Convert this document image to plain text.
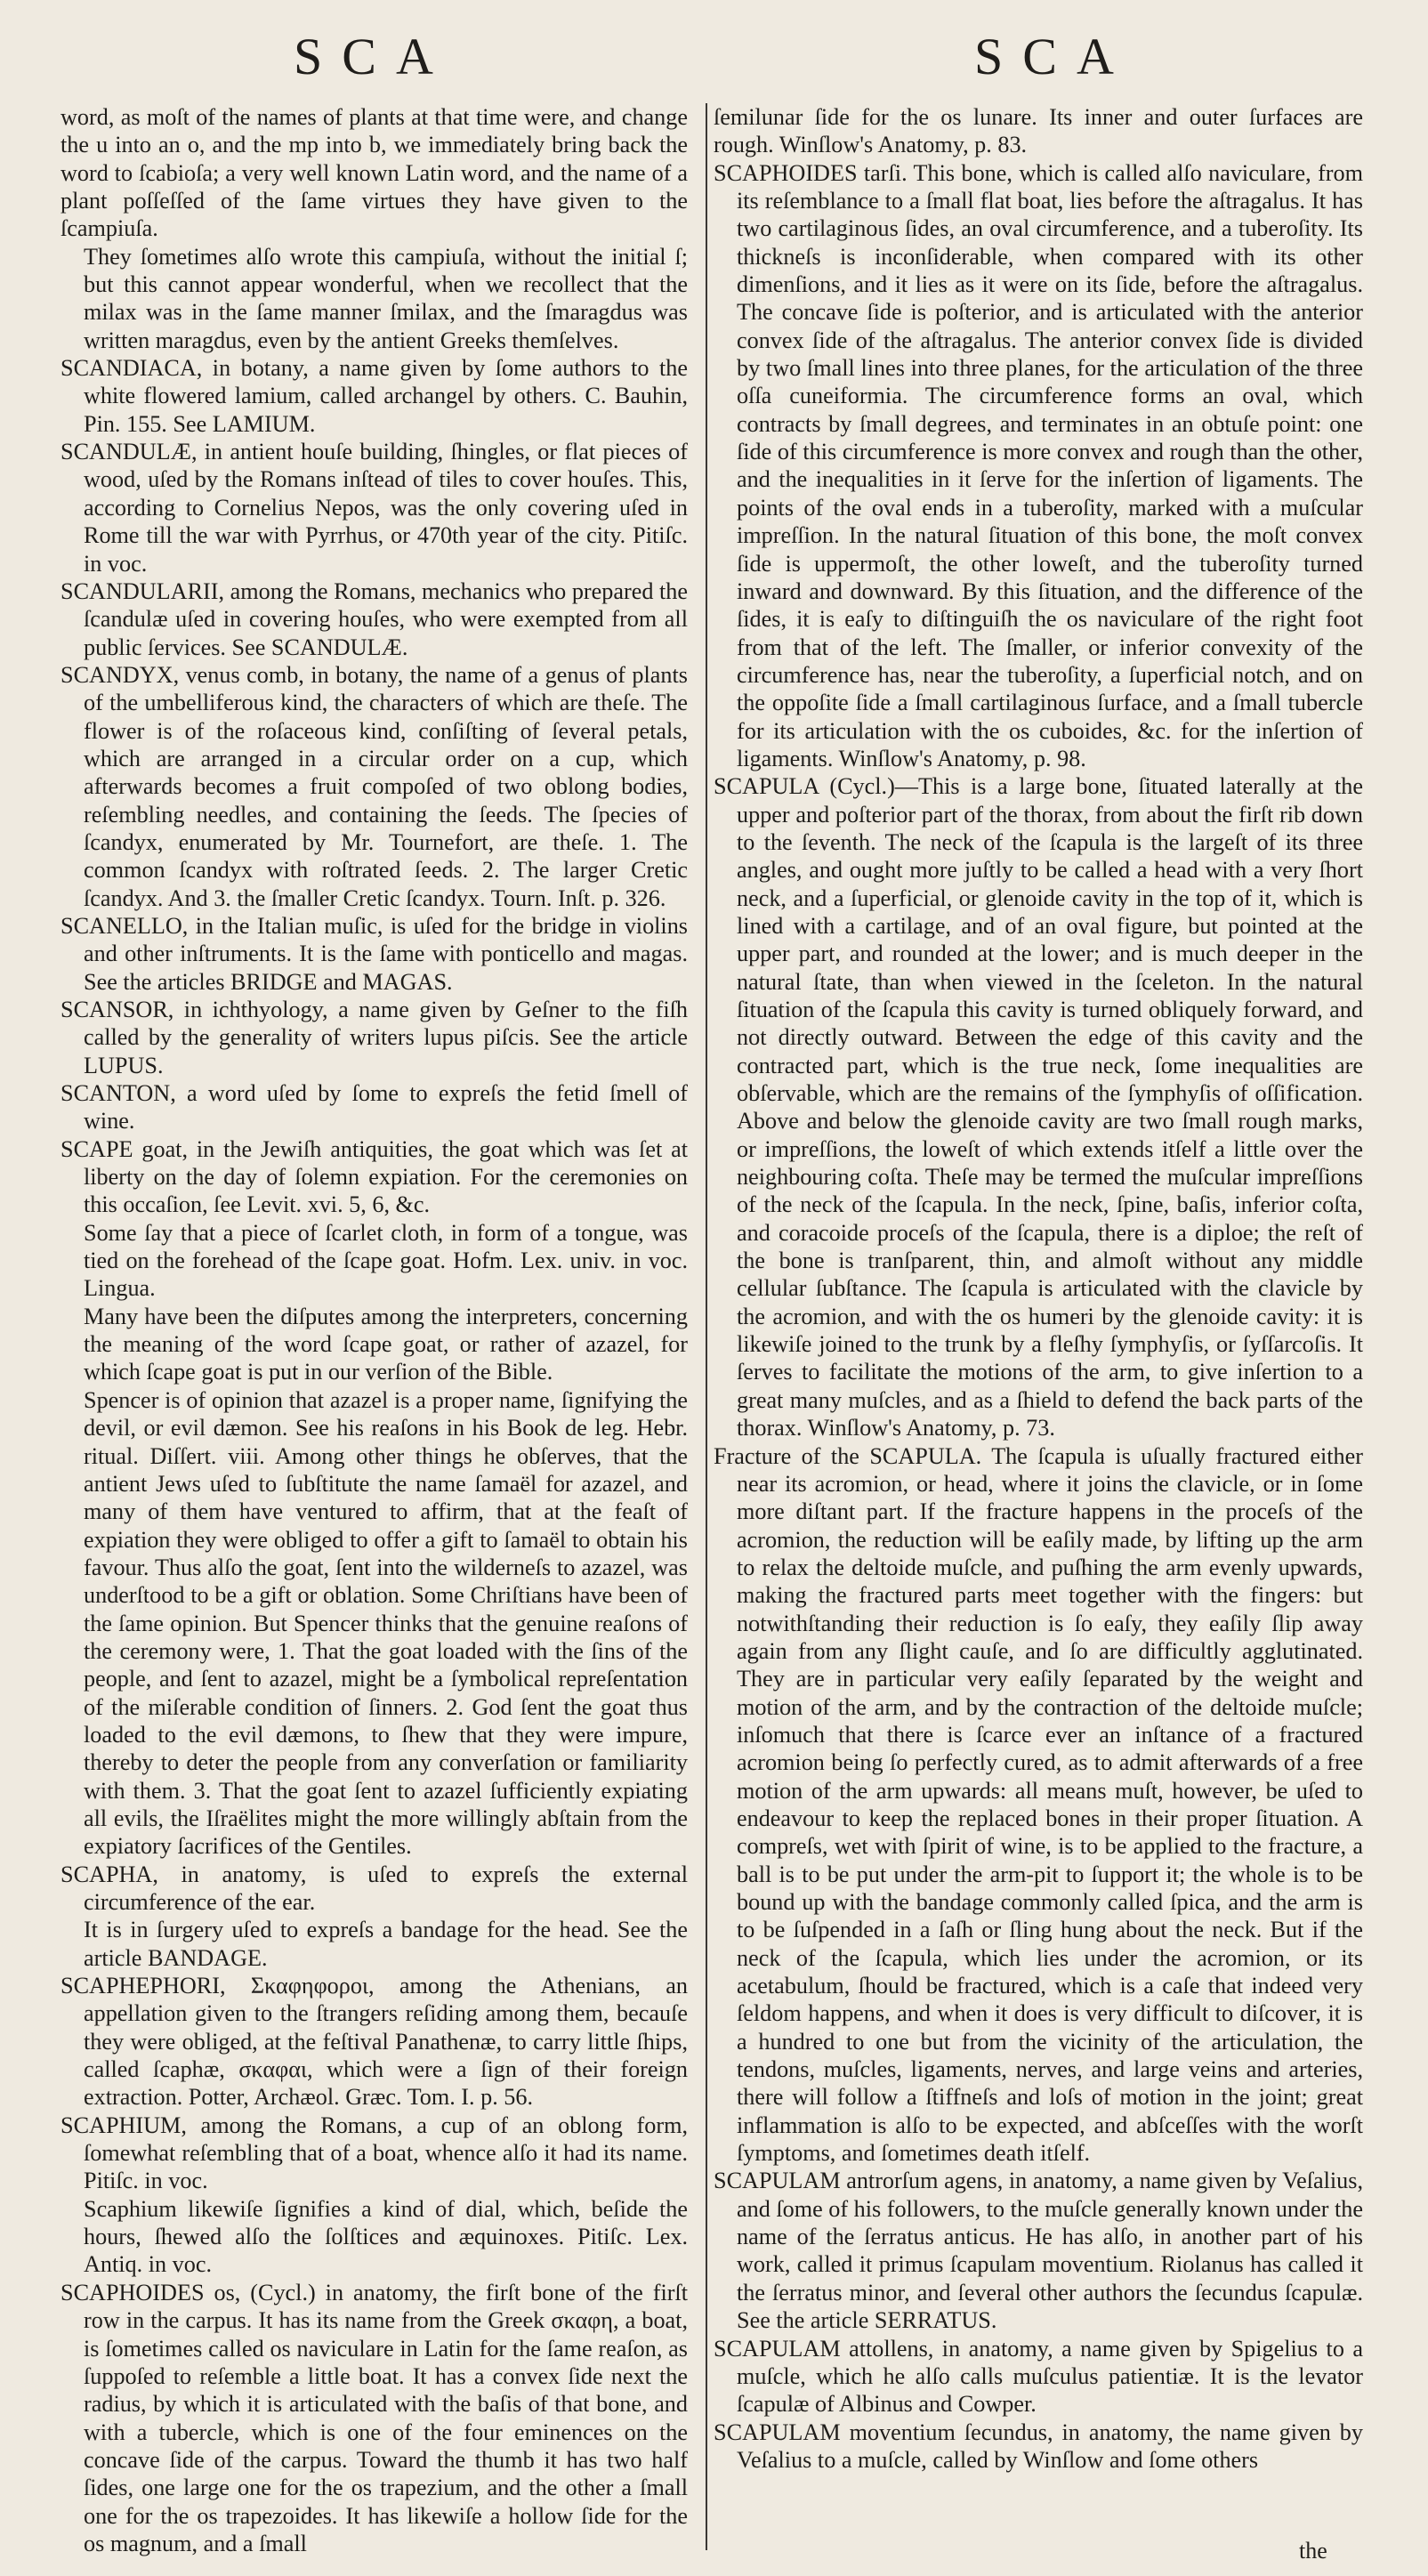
SCA	SCA

word, as moſt of the names of plants at that time were, and change the u into an o, and the mp into b, we immediately bring back the word to ſcabioſa; a very well known Latin word, and the name of a plant poſſeſſed of the ſame virtues they have given to the ſcampiuſa.

They ſometimes alſo wrote this campiuſa, without the initial ſ; but this cannot appear wonderful, when we recollect that the milax was in the ſame manner ſmilax, and the ſmaragdus was written maragdus, even by the antient Greeks themſelves.

SCANDIACA, in botany, a name given by ſome authors to the white flowered lamium, called archangel by others. C. Bauhin, Pin. 155. See LAMIUM.

SCANDULÆ, in antient houſe building, ſhingles, or flat pieces of wood, uſed by the Romans inſtead of tiles to cover houſes. This, according to Cornelius Nepos, was the only covering uſed in Rome till the war with Pyrrhus, or 470th year of the city. Pitiſc. in voc.

SCANDULARII, among the Romans, mechanics who prepared the ſcandulæ uſed in covering houſes, who were exempted from all public ſervices. See SCANDULÆ.

SCANDYX, venus comb, in botany, the name of a genus of plants of the umbelliferous kind, the characters of which are theſe. The flower is of the roſaceous kind, conſiſting of ſeveral petals, which are arranged in a circular order on a cup, which afterwards becomes a fruit compoſed of two oblong bodies, reſembling needles, and containing the ſeeds. The ſpecies of ſcandyx, enumerated by Mr. Tournefort, are theſe. 1. The common ſcandyx with roſtrated ſeeds. 2. The larger Cretic ſcandyx. And 3. the ſmaller Cretic ſcandyx. Tourn. Inſt. p. 326.

SCANELLO, in the Italian muſic, is uſed for the bridge in violins and other inſtruments. It is the ſame with ponticello and magas. See the articles BRIDGE and MAGAS.

SCANSOR, in ichthyology, a name given by Geſner to the fiſh called by the generality of writers lupus piſcis. See the article LUPUS.

SCANTON, a word uſed by ſome to expreſs the fetid ſmell of wine.

SCAPE goat, in the Jewiſh antiquities, the goat which was ſet at liberty on the day of ſolemn expiation. For the ceremonies on this occaſion, ſee Levit. xvi. 5, 6, &c.

Some ſay that a piece of ſcarlet cloth, in form of a tongue, was tied on the forehead of the ſcape goat. Hofm. Lex. univ. in voc. Lingua.

Many have been the diſputes among the interpreters, concerning the meaning of the word ſcape goat, or rather of azazel, for which ſcape goat is put in our verſion of the Bible.

Spencer is of opinion that azazel is a proper name, ſignifying the devil, or evil dæmon. See his reaſons in his Book de leg. Hebr. ritual. Diſſert. viii. Among other things he obſerves, that the antient Jews uſed to ſubſtitute the name ſamaël for azazel, and many of them have ventured to affirm, that at the feaſt of expiation they were obliged to offer a gift to ſamaël to obtain his favour. Thus alſo the goat, ſent into the wilderneſs to azazel, was underſtood to be a gift or oblation. Some Chriſtians have been of the ſame opinion. But Spencer thinks that the genuine reaſons of the ceremony were, 1. That the goat loaded with the ſins of the people, and ſent to azazel, might be a ſymbolical repreſentation of the miſerable condition of ſinners. 2. God ſent the goat thus loaded to the evil dæmons, to ſhew that they were impure, thereby to deter the people from any converſation or familiarity with them. 3. That the goat ſent to azazel ſufficiently expiating all evils, the Iſraëlites might the more willingly abſtain from the expiatory ſacrifices of the Gentiles.

SCAPHA, in anatomy, is uſed to expreſs the external circumference of the ear.

It is in ſurgery uſed to expreſs a bandage for the head. See the article BANDAGE.

SCAPHEPHORI, Σκαφηφοροι, among the Athenians, an appellation given to the ſtrangers reſiding among them, becauſe they were obliged, at the feſtival Panathenæ, to carry little ſhips, called ſcaphæ, σκαφαι, which were a ſign of their foreign extraction. Potter, Archæol. Græc. Tom. I. p. 56.

SCAPHIUM, among the Romans, a cup of an oblong form, ſomewhat reſembling that of a boat, whence alſo it had its name. Pitiſc. in voc.

Scaphium likewiſe ſignifies a kind of dial, which, beſide the hours, ſhewed alſo the ſolſtices and æquinoxes. Pitiſc. Lex. Antiq. in voc.

SCAPHOIDES os, (Cycl.) in anatomy, the firſt bone of the firſt row in the carpus. It has its name from the Greek σκαφη, a boat, is ſometimes called os naviculare in Latin for the ſame reaſon, as ſuppoſed to reſemble a little boat. It has a convex ſide next the radius, by which it is articulated with the baſis of that bone, and with a tubercle, which is one of the four eminences on the concave ſide of the carpus. Toward the thumb it has two half ſides, one large one for the os trapezium, and the other a ſmall one for the os trapezoides. It has likewiſe a hollow ſide for the os magnum, and a ſmall

ſemilunar ſide for the os lunare. Its inner and outer ſurfaces are rough. Winſlow's Anatomy, p. 83.

SCAPHOIDES tarſi. This bone, which is called alſo naviculare, from its reſemblance to a ſmall flat boat, lies before the aſtragalus. It has two cartilaginous ſides, an oval circumference, and a tuberoſity. Its thickneſs is inconſiderable, when compared with its other dimenſions, and it lies as it were on its ſide, before the aſtragalus. The concave ſide is poſterior, and is articulated with the anterior convex ſide of the aſtragalus. The anterior convex ſide is divided by two ſmall lines into three planes, for the articulation of the three oſſa cuneiformia. The circumference forms an oval, which contracts by ſmall degrees, and terminates in an obtuſe point: one ſide of this circumference is more convex and rough than the other, and the inequalities in it ſerve for the inſertion of ligaments. The points of the oval ends in a tuberoſity, marked with a muſcular impreſſion. In the natural ſituation of this bone, the moſt convex ſide is uppermoſt, the other loweſt, and the tuberoſity turned inward and downward. By this ſituation, and the difference of the ſides, it is eaſy to diſtinguiſh the os naviculare of the right foot from that of the left. The ſmaller, or inferior convexity of the circumference has, near the tuberoſity, a ſuperficial notch, and on the oppoſite ſide a ſmall cartilaginous ſurface, and a ſmall tubercle for its articulation with the os cuboides, &c. for the inſertion of ligaments. Winſlow's Anatomy, p. 98.

SCAPULA (Cycl.)—This is a large bone, ſituated laterally at the upper and poſterior part of the thorax, from about the firſt rib down to the ſeventh. The neck of the ſcapula is the largeſt of its three angles, and ought more juſtly to be called a head with a very ſhort neck, and a ſuperficial, or glenoide cavity in the top of it, which is lined with a cartilage, and of an oval figure, but pointed at the upper part, and rounded at the lower; and is much deeper in the natural ſtate, than when viewed in the ſceleton. In the natural ſituation of the ſcapula this cavity is turned obliquely forward, and not directly outward. Between the edge of this cavity and the contracted part, which is the true neck, ſome inequalities are obſervable, which are the remains of the ſymphyſis of oſſification. Above and below the glenoide cavity are two ſmall rough marks, or impreſſions, the loweſt of which extends itſelf a little over the neighbouring coſta. Theſe may be termed the muſcular impreſſions of the neck of the ſcapula. In the neck, ſpine, baſis, inferior coſta, and coracoide proceſs of the ſcapula, there is a diploe; the reſt of the bone is tranſparent, thin, and almoſt without any middle cellular ſubſtance. The ſcapula is articulated with the clavicle by the acromion, and with the os humeri by the glenoide cavity: it is likewiſe joined to the trunk by a fleſhy ſymphyſis, or ſyſſarcoſis. It ſerves to facilitate the motions of the arm, to give inſertion to a great many muſcles, and as a ſhield to defend the back parts of the thorax. Winſlow's Anatomy, p. 73.

Fracture of the SCAPULA. The ſcapula is uſually fractured either near its acromion, or head, where it joins the clavicle, or in ſome more diſtant part. If the fracture happens in the proceſs of the acromion, the reduction will be eaſily made, by lifting up the arm to relax the deltoide muſcle, and puſhing the arm evenly upwards, making the fractured parts meet together with the fingers: but notwithſtanding their reduction is ſo eaſy, they eaſily ſlip away again from any ſlight cauſe, and ſo are difficultly agglutinated. They are in particular very eaſily ſeparated by the weight and motion of the arm, and by the contraction of the deltoide muſcle; inſomuch that there is ſcarce ever an inſtance of a fractured acromion being ſo perfectly cured, as to admit afterwards of a free motion of the arm upwards: all means muſt, however, be uſed to endeavour to keep the replaced bones in their proper ſituation. A compreſs, wet with ſpirit of wine, is to be applied to the fracture, a ball is to be put under the arm-pit to ſupport it; the whole is to be bound up with the bandage commonly called ſpica, and the arm is to be ſuſpended in a ſaſh or ſling hung about the neck. But if the neck of the ſcapula, which lies under the acromion, or its acetabulum, ſhould be fractured, which is a caſe that indeed very ſeldom happens, and when it does is very difficult to diſcover, it is a hundred to one but from the vicinity of the articulation, the tendons, muſcles, ligaments, nerves, and large veins and arteries, there will follow a ſtiffneſs and loſs of motion in the joint; great inflammation is alſo to be expected, and abſceſſes with the worſt ſymptoms, and ſometimes death itſelf.

SCAPULAM antrorſum agens, in anatomy, a name given by Veſalius, and ſome of his followers, to the muſcle generally known under the name of the ſerratus anticus. He has alſo, in another part of his work, called it primus ſcapulam moventium. Riolanus has called it the ſerratus minor, and ſeveral other authors the ſecundus ſcapulæ. See the article SERRATUS.

SCAPULAM attollens, in anatomy, a name given by Spigelius to a muſcle, which he alſo calls muſculus patientiæ. It is the levator ſcapulæ of Albinus and Cowper.

SCAPULAM moventium ſecundus, in anatomy, the name given by Veſalius to a muſcle, called by Winſlow and ſome others

the
